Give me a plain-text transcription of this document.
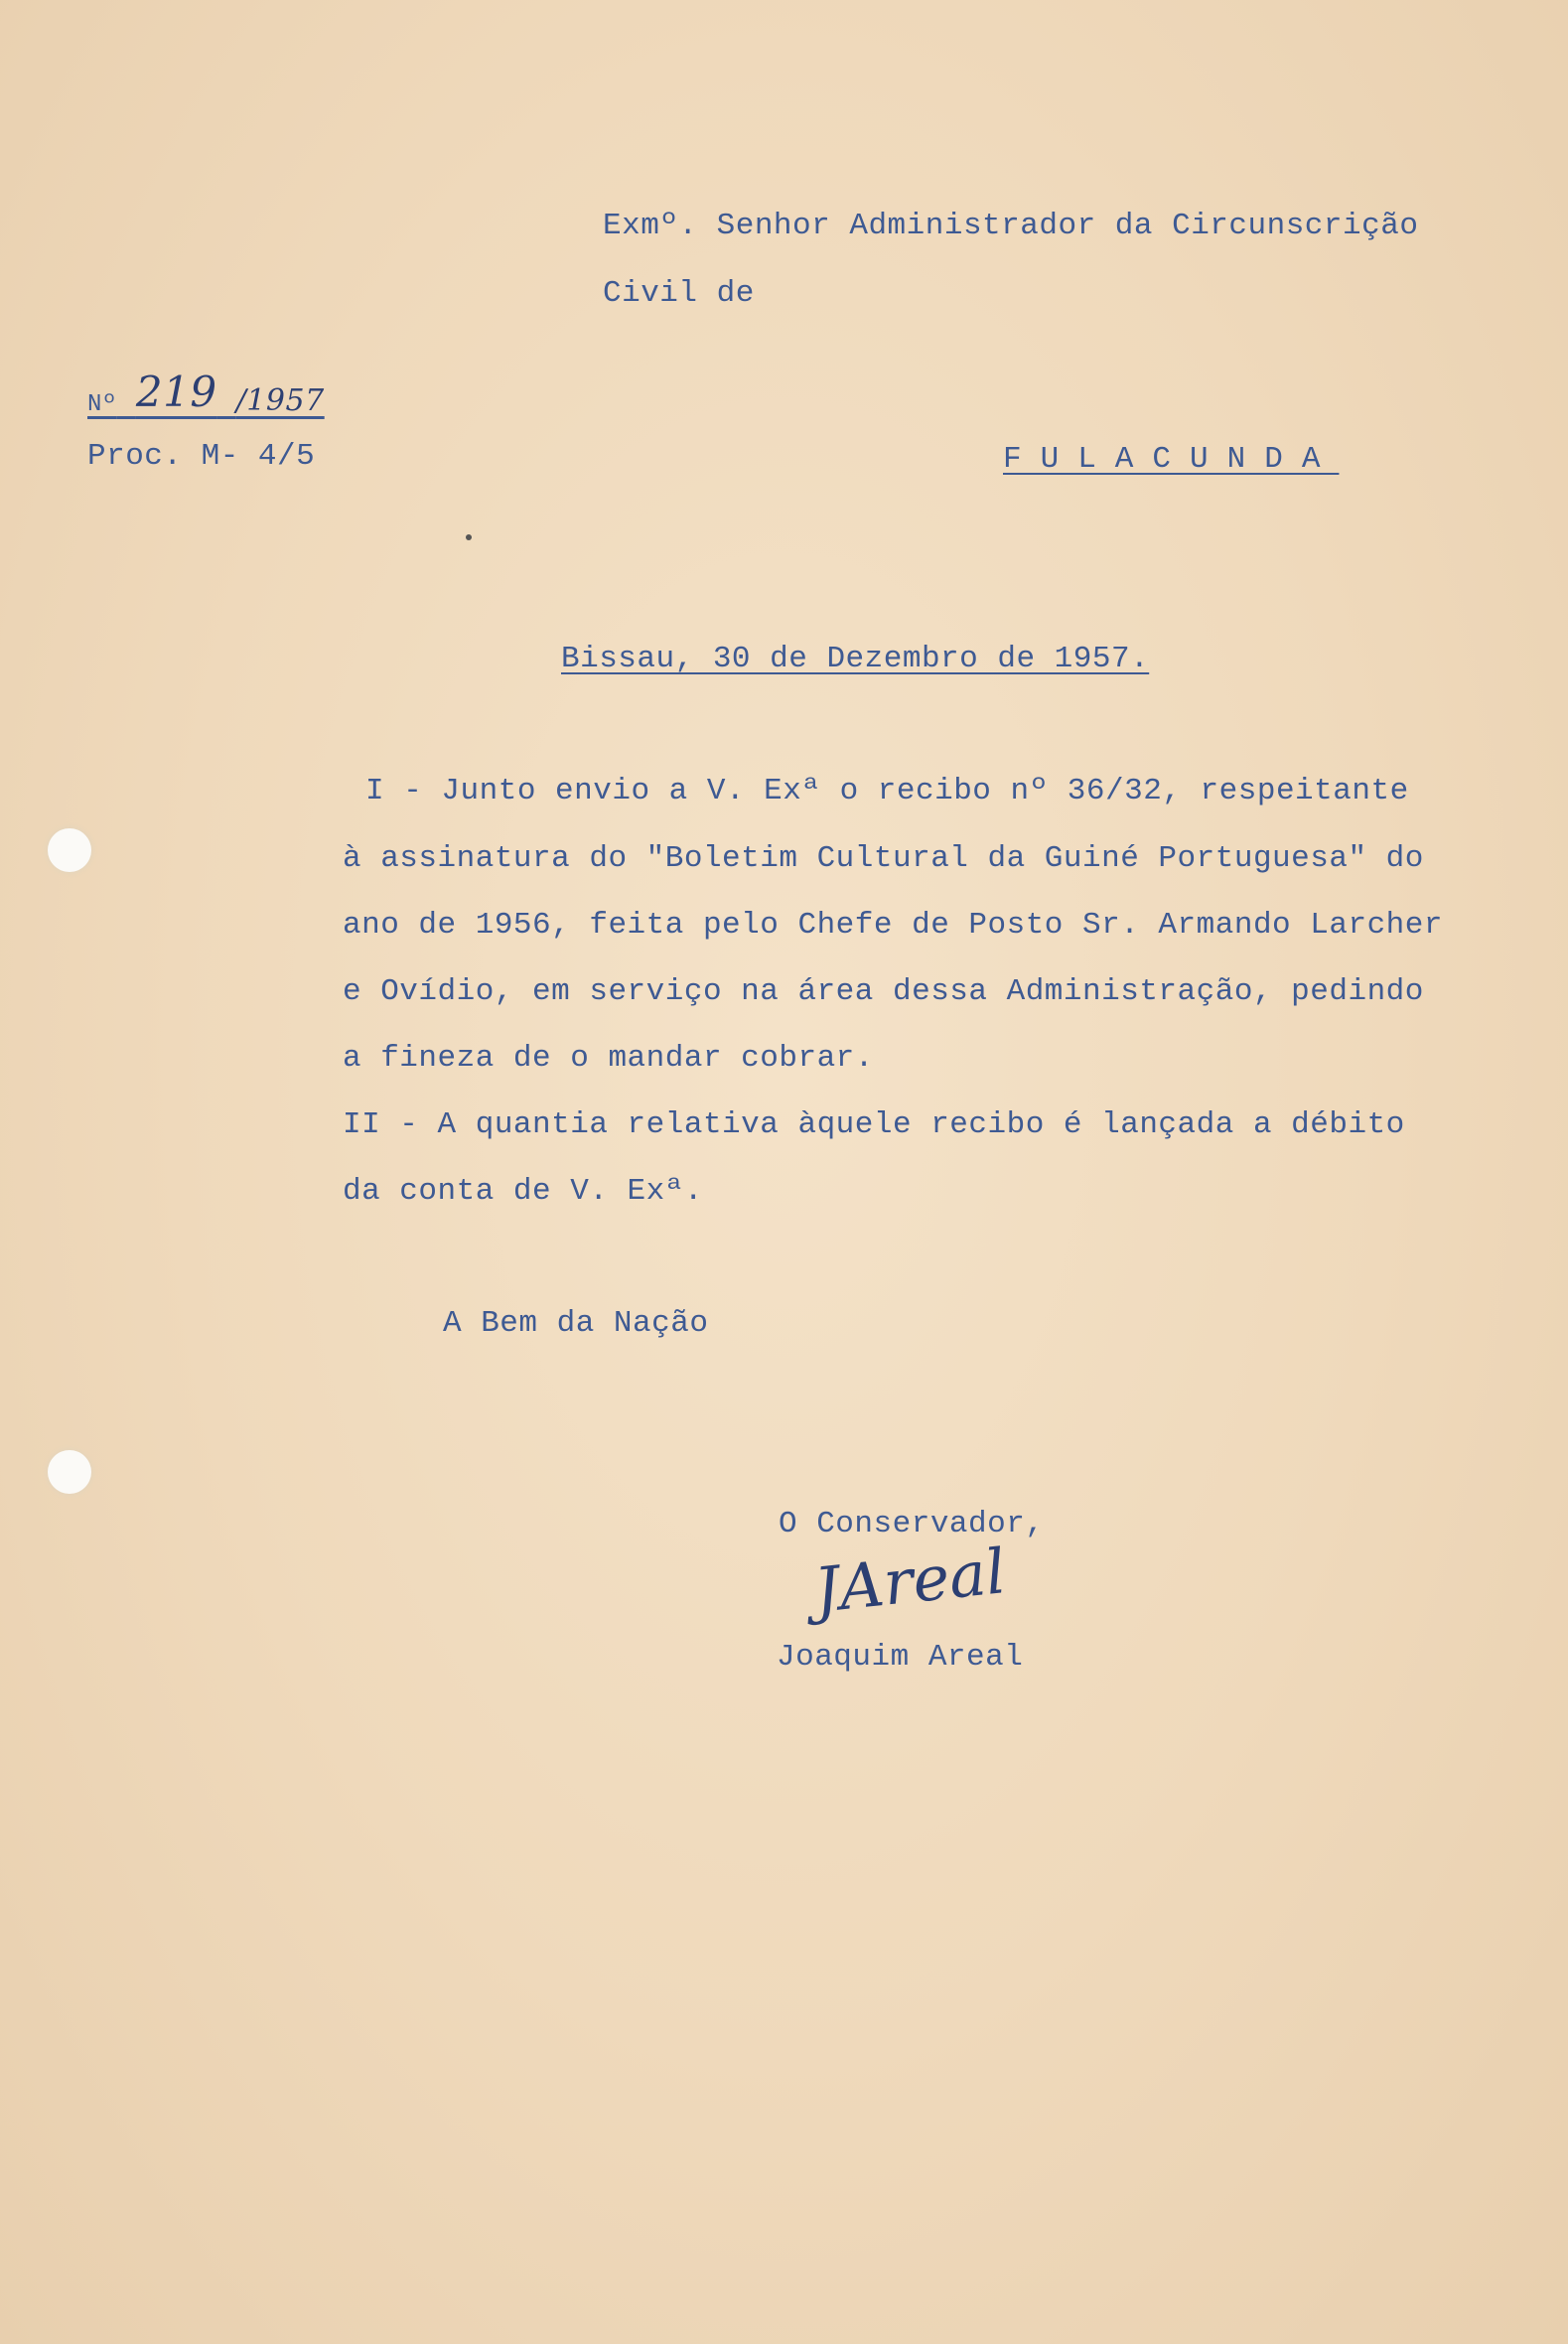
Exmº. Senhor Administrador da Circunscrição
Civil de
FULACUNDA
Nº 219 /1957
Proc. M- 4/5
Bissau, 30 de Dezembro de 1957.
I - Junto envio a V. Exª o recibo nº 36/32, respeitante
à assinatura do "Boletim Cultural da Guiné Portuguesa" do
ano de 1956, feita pelo Chefe de Posto Sr. Armando Larcher
e Ovídio, em serviço na área dessa Administração, pedindo
a fineza de o mandar cobrar.
II - A quantia relativa àquele recibo é lançada a débito
da conta de V. Exª.
A Bem da Nação
O Conservador,
JAreal
Joaquim Areal
